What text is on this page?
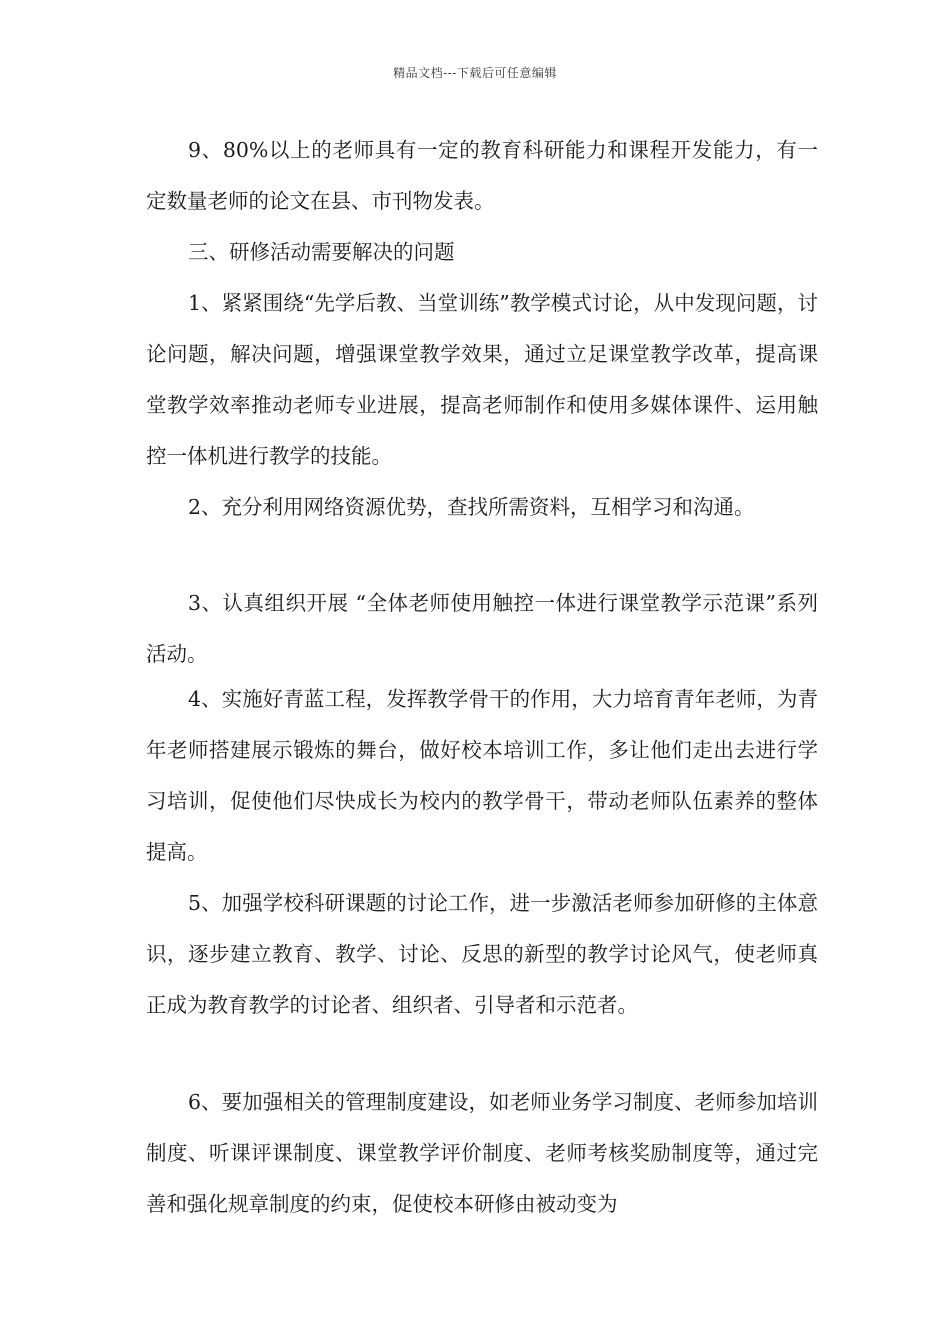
精品文档---下载后可任意编辑

9、80%以上的老师具有一定的教育科研能力和课程开发能力，有一定数量老师的论文在县、市刊物发表。

三、研修活动需要解决的问题

1、紧紧围绕“先学后教、当堂训练”教学模式讨论，从中发现问题，讨论问题，解决问题，增强课堂教学效果，通过立足课堂教学改革，提高课堂教学效率推动老师专业进展，提高老师制作和使用多媒体课件、运用触控一体机进行教学的技能。

2、充分利用网络资源优势，查找所需资料，互相学习和沟通。

3、认真组织开展 “全体老师使用触控一体进行课堂教学示范课”系列活动。

4、实施好青蓝工程，发挥教学骨干的作用，大力培育青年老师，为青年老师搭建展示锻炼的舞台，做好校本培训工作，多让他们走出去进行学习培训，促使他们尽快成长为校内的教学骨干，带动老师队伍素养的整体提高。

5、加强学校科研课题的讨论工作，进一步激活老师参加研修的主体意识，逐步建立教育、教学、讨论、反思的新型的教学讨论风气，使老师真正成为教育教学的讨论者、组织者、引导者和示范者。

6、要加强相关的管理制度建设，如老师业务学习制度、老师参加培训制度、听课评课制度、课堂教学评价制度、老师考核奖励制度等，通过完善和强化规章制度的约束，促使校本研修由被动变为
